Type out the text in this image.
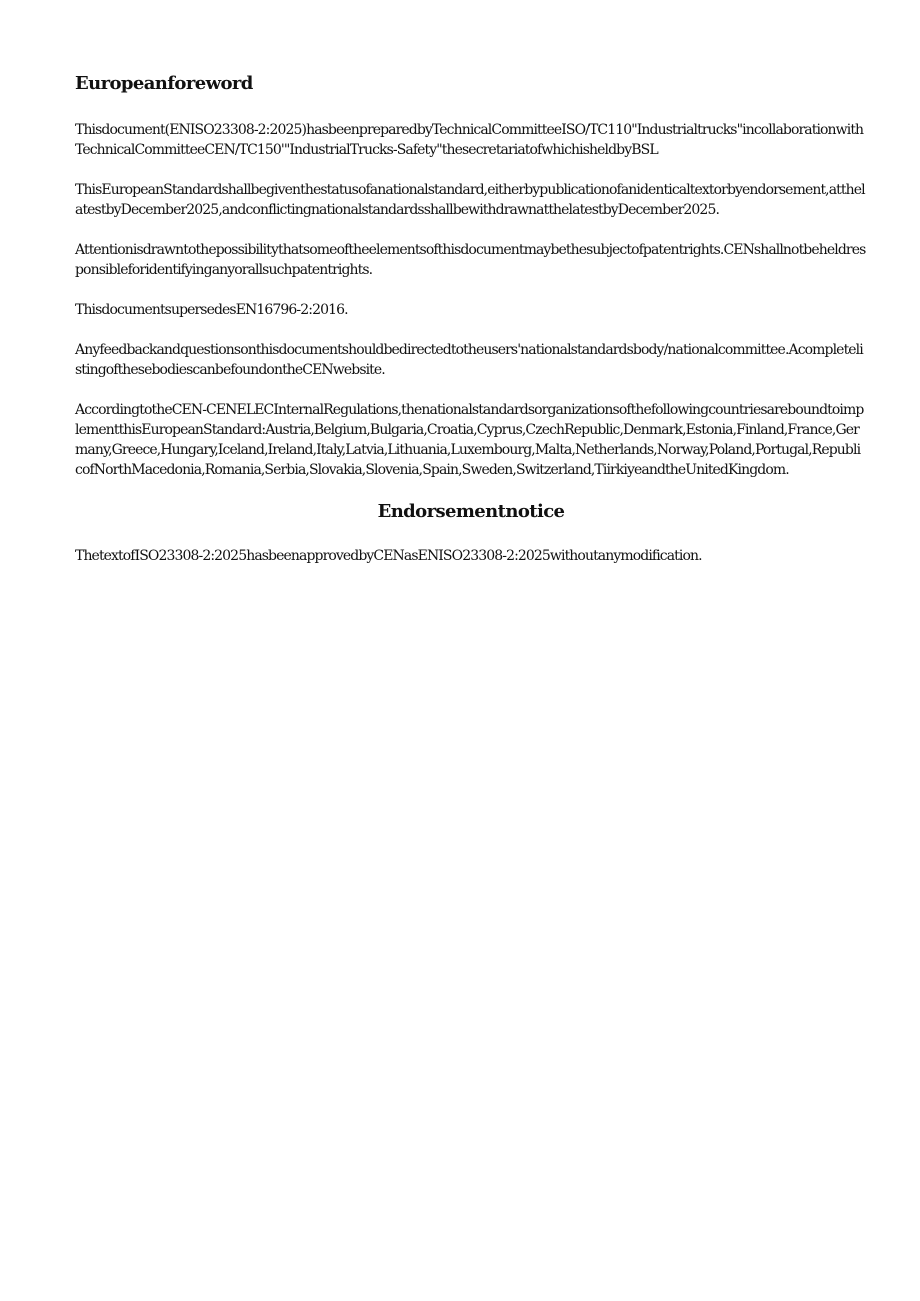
Europeanforeword

Thisdocument(ENISO23308-2:2025)hasbeenpreparedbyTechnicalCommitteeISO/TC110"Industrialtrucks"incollaborationwithTechnicalCommitteeCEN/TC150'"IndustrialTrucks-Safety"thesecretariatofwhichisheldbyBSL

ThisEuropeanStandardshallbegiventhestatusofanationalstandard,eitherbypublicationofanidenticaltextorbyendorsement,atthelatestbyDecember2025,andconflictingnationalstandardsshallbewithdrawnatthelatestbyDecember2025.

Attentionisdrawntothepossibilitythatsomeoftheelementsofthisdocumentmaybethesubjectofpatentrights.CENshallnotbeheldresponsibleforidentifyinganyorallsuchpatentrights.

ThisdocumentsupersedesEN16796-2:2016.

Anyfeedbackandquestionsonthisdocumentshouldbedirectedtotheusers'nationalstandardsbody/nationalcommittee.AcompletelistingofthesebodiescanbefoundontheCENwebsite.

AccordingtotheCEN-CENELECInternalRegulations,thenationalstandardsorganizationsofthefollowingcountriesareboundtoimplementthisEuropeanStandard:Austria,Belgium,Bulgaria,Croatia,Cyprus,CzechRepublic,Denmark,Estonia,Finland,France,Germany,Greece,Hungary,Iceland,Ireland,Italy,Latvia,Lithuania,Luxembourg,Malta,Netherlands,Norway,Poland,Portugal,RepublicofNorthMacedonia,Romania,Serbia,Slovakia,Slovenia,Spain,Sweden,Switzerland,TiirkiyeandtheUnitedKingdom.

Endorsementnotice

ThetextofISO23308-2:2025hasbeenapprovedbyCENasENISO23308-2:2025withoutanymodification.
